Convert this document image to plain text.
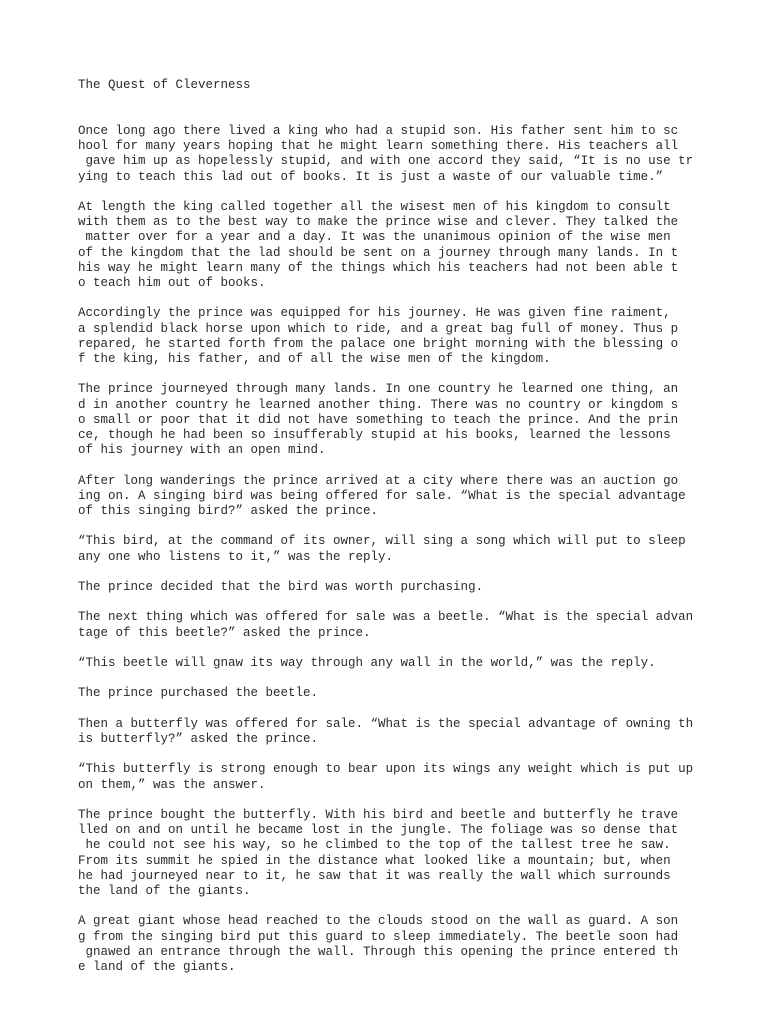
The Quest of Cleverness

Once long ago there lived a king who had a stupid son. His father sent him to sc
hool for many years hoping that he might learn something there. His teachers all
gave him up as hopelessly stupid, and with one accord they said, “It is no use tr
ying to teach this lad out of books. It is just a waste of our valuable time.”

At length the king called together all the wisest men of his kingdom to consult
with them as to the best way to make the prince wise and clever. They talked the
matter over for a year and a day. It was the unanimous opinion of the wise men
of the kingdom that the lad should be sent on a journey through many lands. In t
his way he might learn many of the things which his teachers had not been able t
o teach him out of books.

Accordingly the prince was equipped for his journey. He was given fine raiment,
a splendid black horse upon which to ride, and a great bag full of money. Thus p
repared, he started forth from the palace one bright morning with the blessing o
f the king, his father, and of all the wise men of the kingdom.

The prince journeyed through many lands. In one country he learned one thing, an
d in another country he learned another thing. There was no country or kingdom s
o small or poor that it did not have something to teach the prince. And the prin
ce, though he had been so insufferably stupid at his books, learned the lessons
of his journey with an open mind.

After long wanderings the prince arrived at a city where there was an auction go
ing on. A singing bird was being offered for sale. “What is the special advantage
of this singing bird?” asked the prince.

“This bird, at the command of its owner, will sing a song which will put to sleep
any one who listens to it,” was the reply.

The prince decided that the bird was worth purchasing.

The next thing which was offered for sale was a beetle. “What is the special advan
tage of this beetle?” asked the prince.

“This beetle will gnaw its way through any wall in the world,” was the reply.

The prince purchased the beetle.

Then a butterfly was offered for sale. “What is the special advantage of owning th
is butterfly?” asked the prince.

“This butterfly is strong enough to bear upon its wings any weight which is put up
on them,” was the answer.

The prince bought the butterfly. With his bird and beetle and butterfly he trave
lled on and on until he became lost in the jungle. The foliage was so dense that
he could not see his way, so he climbed to the top of the tallest tree he saw.
From its summit he spied in the distance what looked like a mountain; but, when
he had journeyed near to it, he saw that it was really the wall which surrounds
the land of the giants.

A great giant whose head reached to the clouds stood on the wall as guard. A son
g from the singing bird put this guard to sleep immediately. The beetle soon had
gnawed an entrance through the wall. Through this opening the prince entered th
e land of the giants.
